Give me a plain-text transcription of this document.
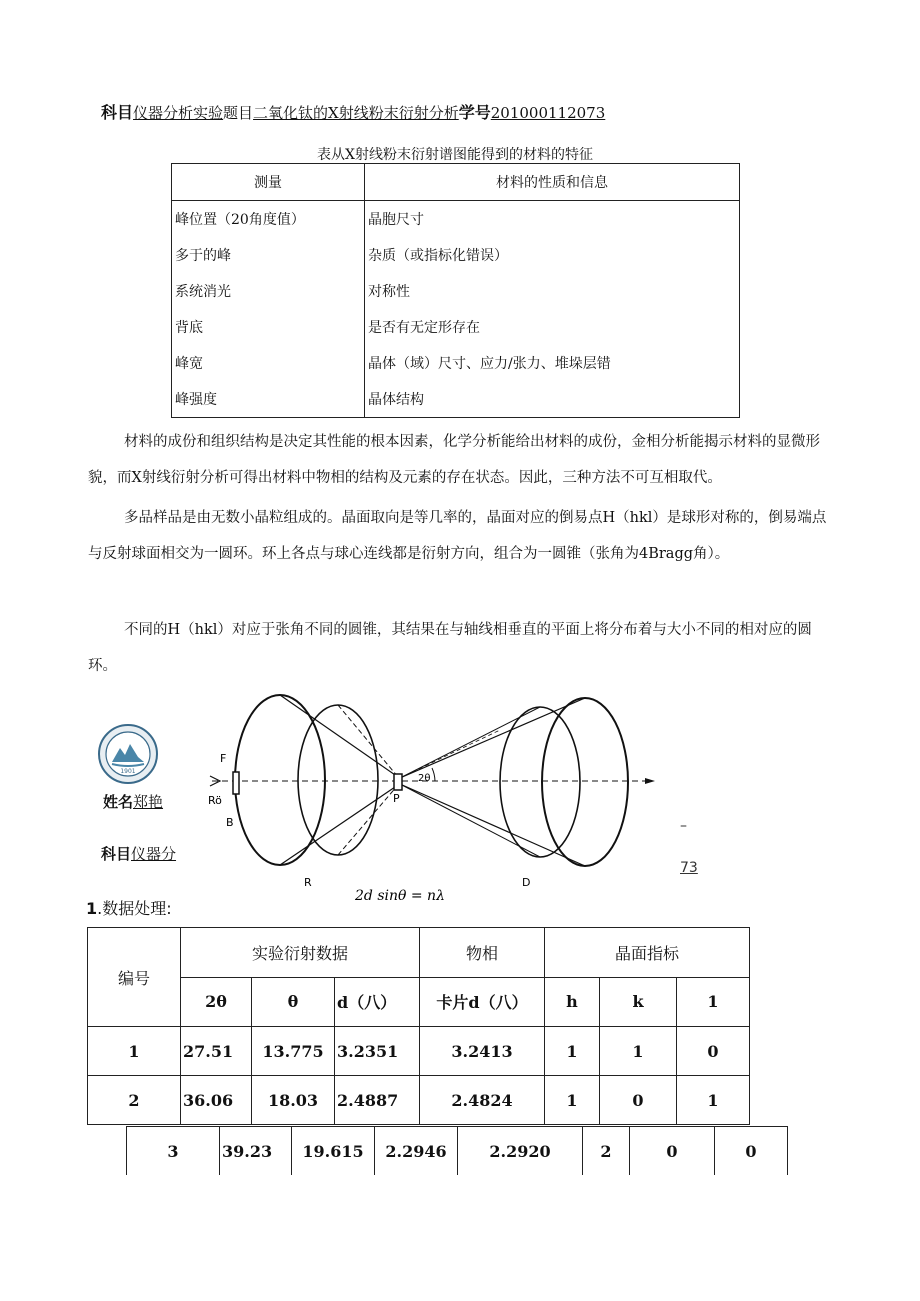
科目仪器分析实验题目二氧化钛的X射线粉末衍射分析学号201000112073
表从X射线粉末衍射谱图能得到的材料的特征
测量	材料的性质和信息
峰位置（20角度值）	晶胞尺寸
多于的峰	杂质（或指标化错误）
系统消光	对称性
背底	是否有无定形存在
峰宽	晶体（域）尺寸、应力/张力、堆垛层错
峰强度	晶体结构
材料的成份和组织结构是决定其性能的根本因素，化学分析能给出材料的成份，金相分析能揭示材料的显微形貌，而X射线衍射分析可得出材料中物相的结构及元素的存在状态。因此，三种方法不可互相取代。
多品样品是由无数小晶粒组成的。晶面取向是等几率的，晶面对应的倒易点H（hkl）是球形对称的，倒易端点与反射球面相交为一圆环。环上各点与球心连线都是衍射方向，组合为一圆锥（张角为4Bragg角）。
不同的H（hkl）对应于张角不同的圆锥，其结果在与轴线相垂直的平面上将分布着与大小不同的相对应的圆环。
1901
姓名郑艳
科目仪器分
–
73
F
Rö
B
P
R	D
2θ
2d sinθ = nλ
1.数据处理:
编号	实验衍射数据			物相	晶面指标		
	2θ	θ	d（八）	卡片d（八）	h	k	1
1	27.51	13.775	3.2351	3.2413	1	1	0
2	36.06	18.03	2.4887	2.4824	1	0	1
3	39.23	19.615	2.2946	2.2920	2	0	0
